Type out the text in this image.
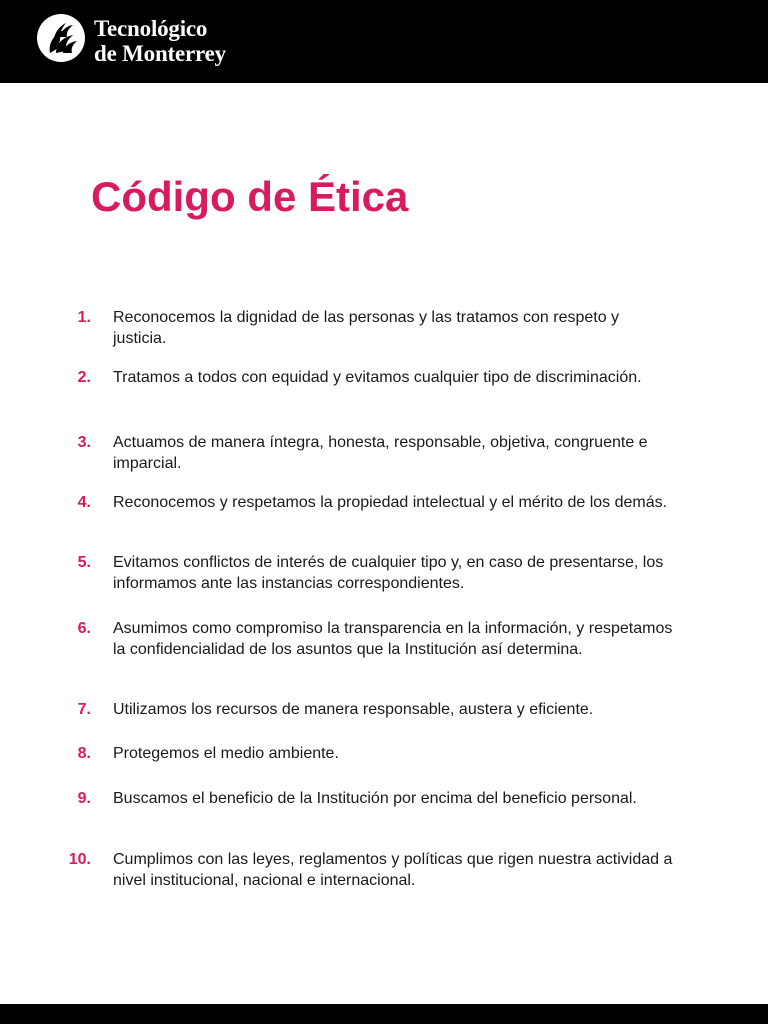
Tecnológico
de Monterrey
Código de Ética
1. Reconocemos la dignidad de las personas y las tratamos con respeto y justicia.
2. Tratamos a todos con equidad y evitamos cualquier tipo de discriminación.
3. Actuamos de manera íntegra, honesta, responsable, objetiva, congruente e imparcial.
4. Reconocemos y respetamos la propiedad intelectual y el mérito de los demás.
5. Evitamos conflictos de interés de cualquier tipo y, en caso de presentarse, los informamos ante las instancias correspondientes.
6. Asumimos como compromiso la transparencia en la información, y respetamos la confidencialidad de los asuntos que la Institución así determina.
7. Utilizamos los recursos de manera responsable, austera y eficiente.
8. Protegemos el medio ambiente.
9. Buscamos el beneficio de la Institución por encima del beneficio personal.
10. Cumplimos con las leyes, reglamentos y políticas que rigen nuestra actividad a nivel institucional, nacional e internacional.
